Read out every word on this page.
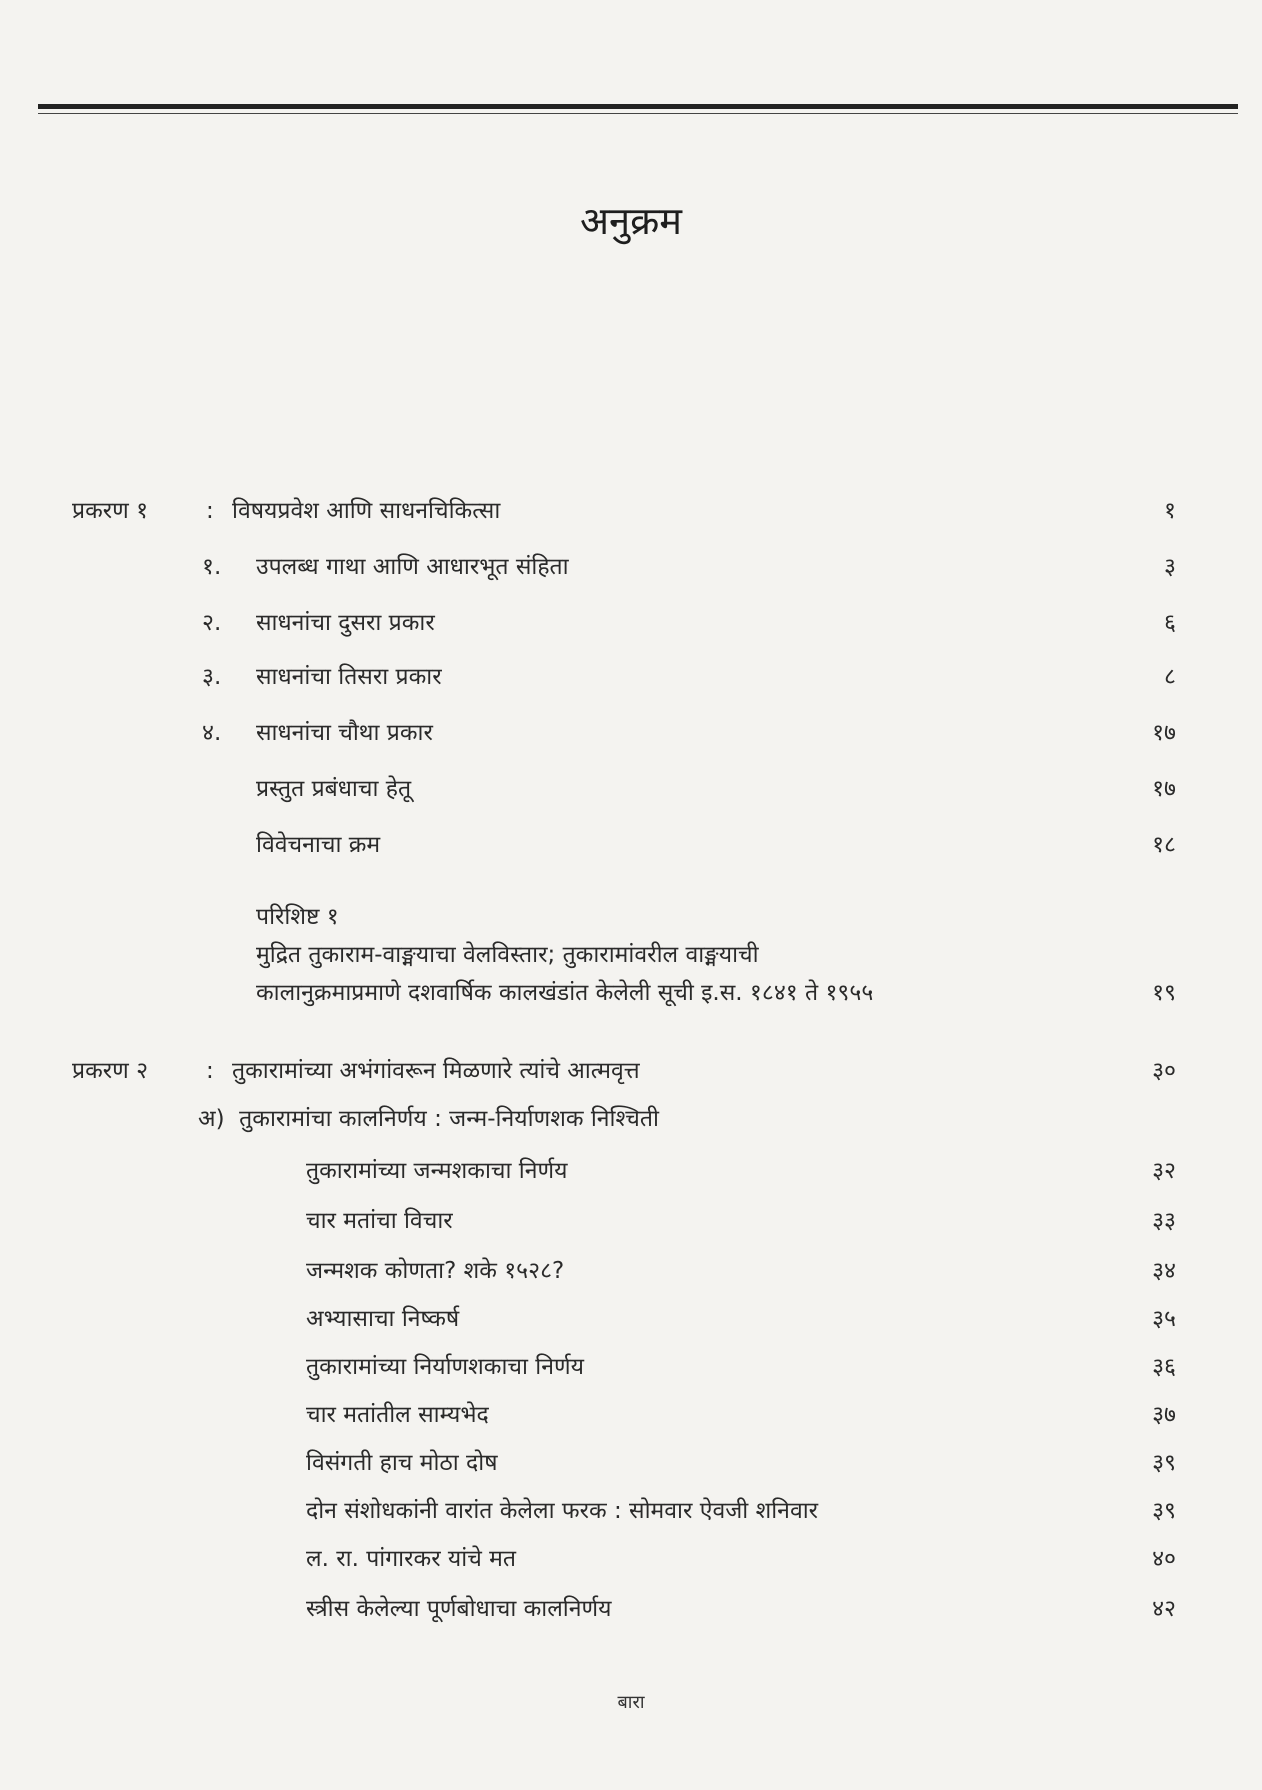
अनुक्रम
प्रकरण १	: विषयप्रवेश आणि साधनचिकित्सा	१
१. उपलब्ध गाथा आणि आधारभूत संहिता	३
२. साधनांचा दुसरा प्रकार	६
३. साधनांचा तिसरा प्रकार	८
४. साधनांचा चौथा प्रकार	१७
प्रस्तुत प्रबंधाचा हेतू	१७
विवेचनाचा क्रम	१८
परिशिष्ट १
मुद्रित तुकाराम-वाङ्मयाचा वेलविस्तार; तुकारामांवरील वाङ्मयाची
कालानुक्रमाप्रमाणे दशवार्षिक कालखंडांत केलेली सूची इ.स. १८४१ ते १९५५	१९
प्रकरण २	: तुकारामांच्या अभंगांवरून मिळणारे त्यांचे आत्मवृत्त	३०
अ)  तुकारामांचा कालनिर्णय : जन्म-निर्याणशक निश्चिती
तुकारामांच्या जन्मशकाचा निर्णय	३२
चार मतांचा विचार	३३
जन्मशक कोणता? शके १५२८?	३४
अभ्यासाचा निष्कर्ष	३५
तुकारामांच्या निर्याणशकाचा निर्णय	३६
चार मतांतील साम्यभेद	३७
विसंगती हाच मोठा दोष	३९
दोन संशोधकांनी वारांत केलेला फरक : सोमवार ऐवजी शनिवार	३९
ल. रा. पांगारकर यांचे मत	४०
स्त्रीस केलेल्या पूर्णबोधाचा कालनिर्णय	४२
बारा
